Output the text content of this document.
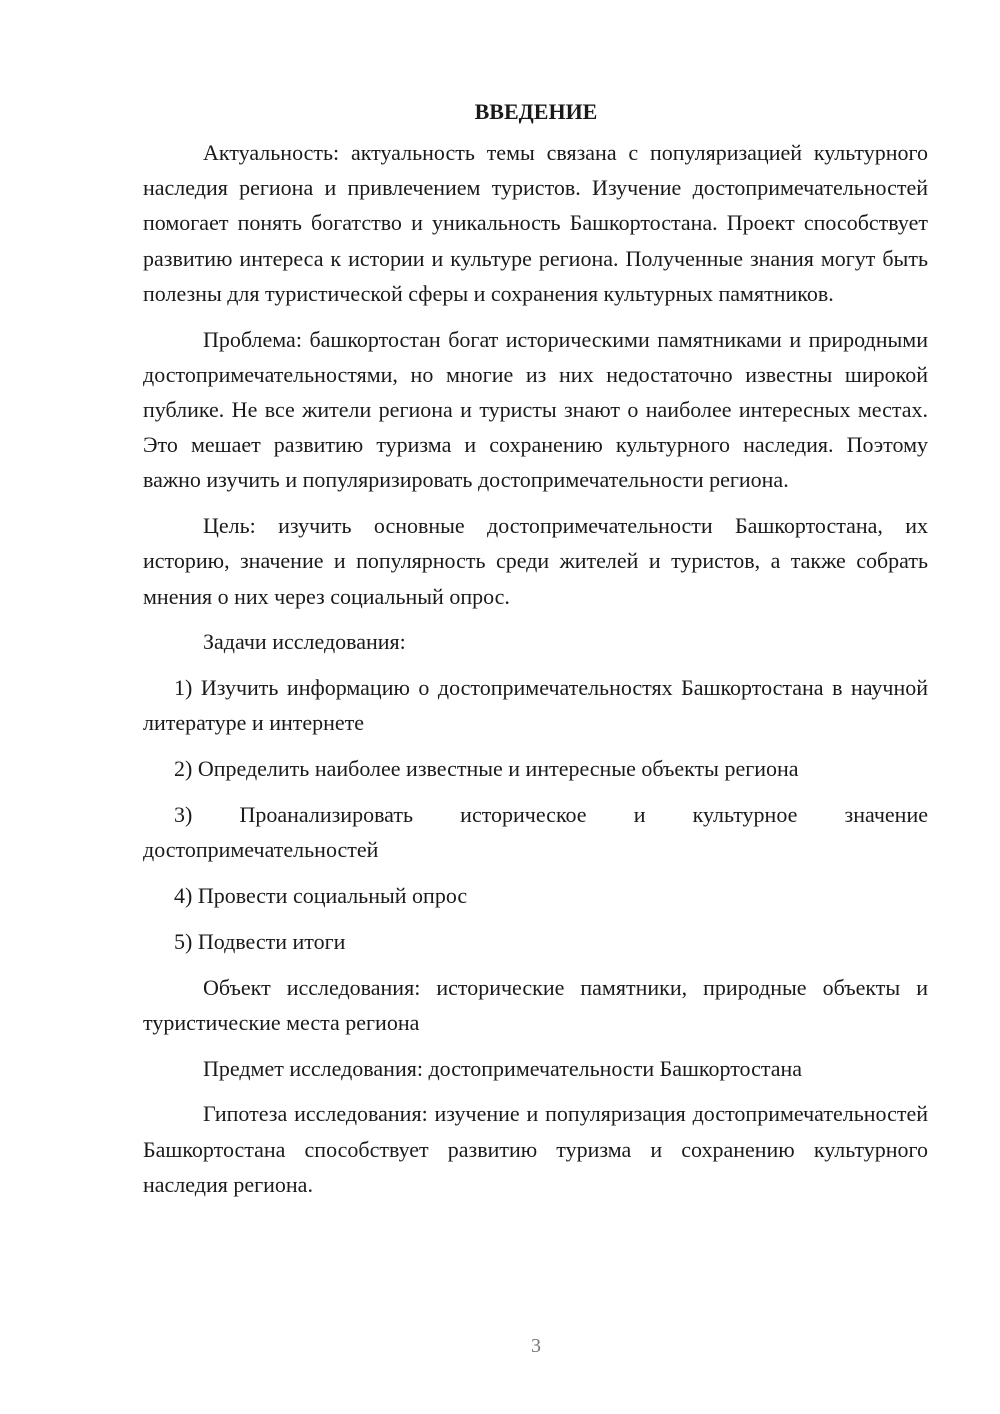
ВВЕДЕНИЕ

Актуальность: актуальность темы связана с популяризацией культурного наследия региона и привлечением туристов. Изучение достопримечательностей помогает понять богатство и уникальность Башкортостана. Проект способствует развитию интереса к истории и культуре региона. Полученные знания могут быть полезны для туристической сферы и сохранения культурных памятников.

Проблема: башкортостан богат историческими памятниками и природными достопримечательностями, но многие из них недостаточно известны широкой публике. Не все жители региона и туристы знают о наиболее интересных местах. Это мешает развитию туризма и сохранению культурного наследия. Поэтому важно изучить и популяризировать достопримечательности региона.

Цель: изучить основные достопримечательности Башкортостана, их историю, значение и популярность среди жителей и туристов, а также собрать мнения о них через социальный опрос.

Задачи исследования:

1) Изучить информацию о достопримечательностях Башкортостана в научной литературе и интернете

2) Определить наиболее известные и интересные объекты региона

3) Проанализировать историческое и культурное значение достопримечательностей

4) Провести социальный опрос

5) Подвести итоги

Объект исследования: исторические памятники, природные объекты и туристические места региона

Предмет исследования: достопримечательности Башкортостана

Гипотеза исследования: изучение и популяризация достопримечательностей Башкортостана способствует развитию туризма и сохранению культурного наследия региона.

3
